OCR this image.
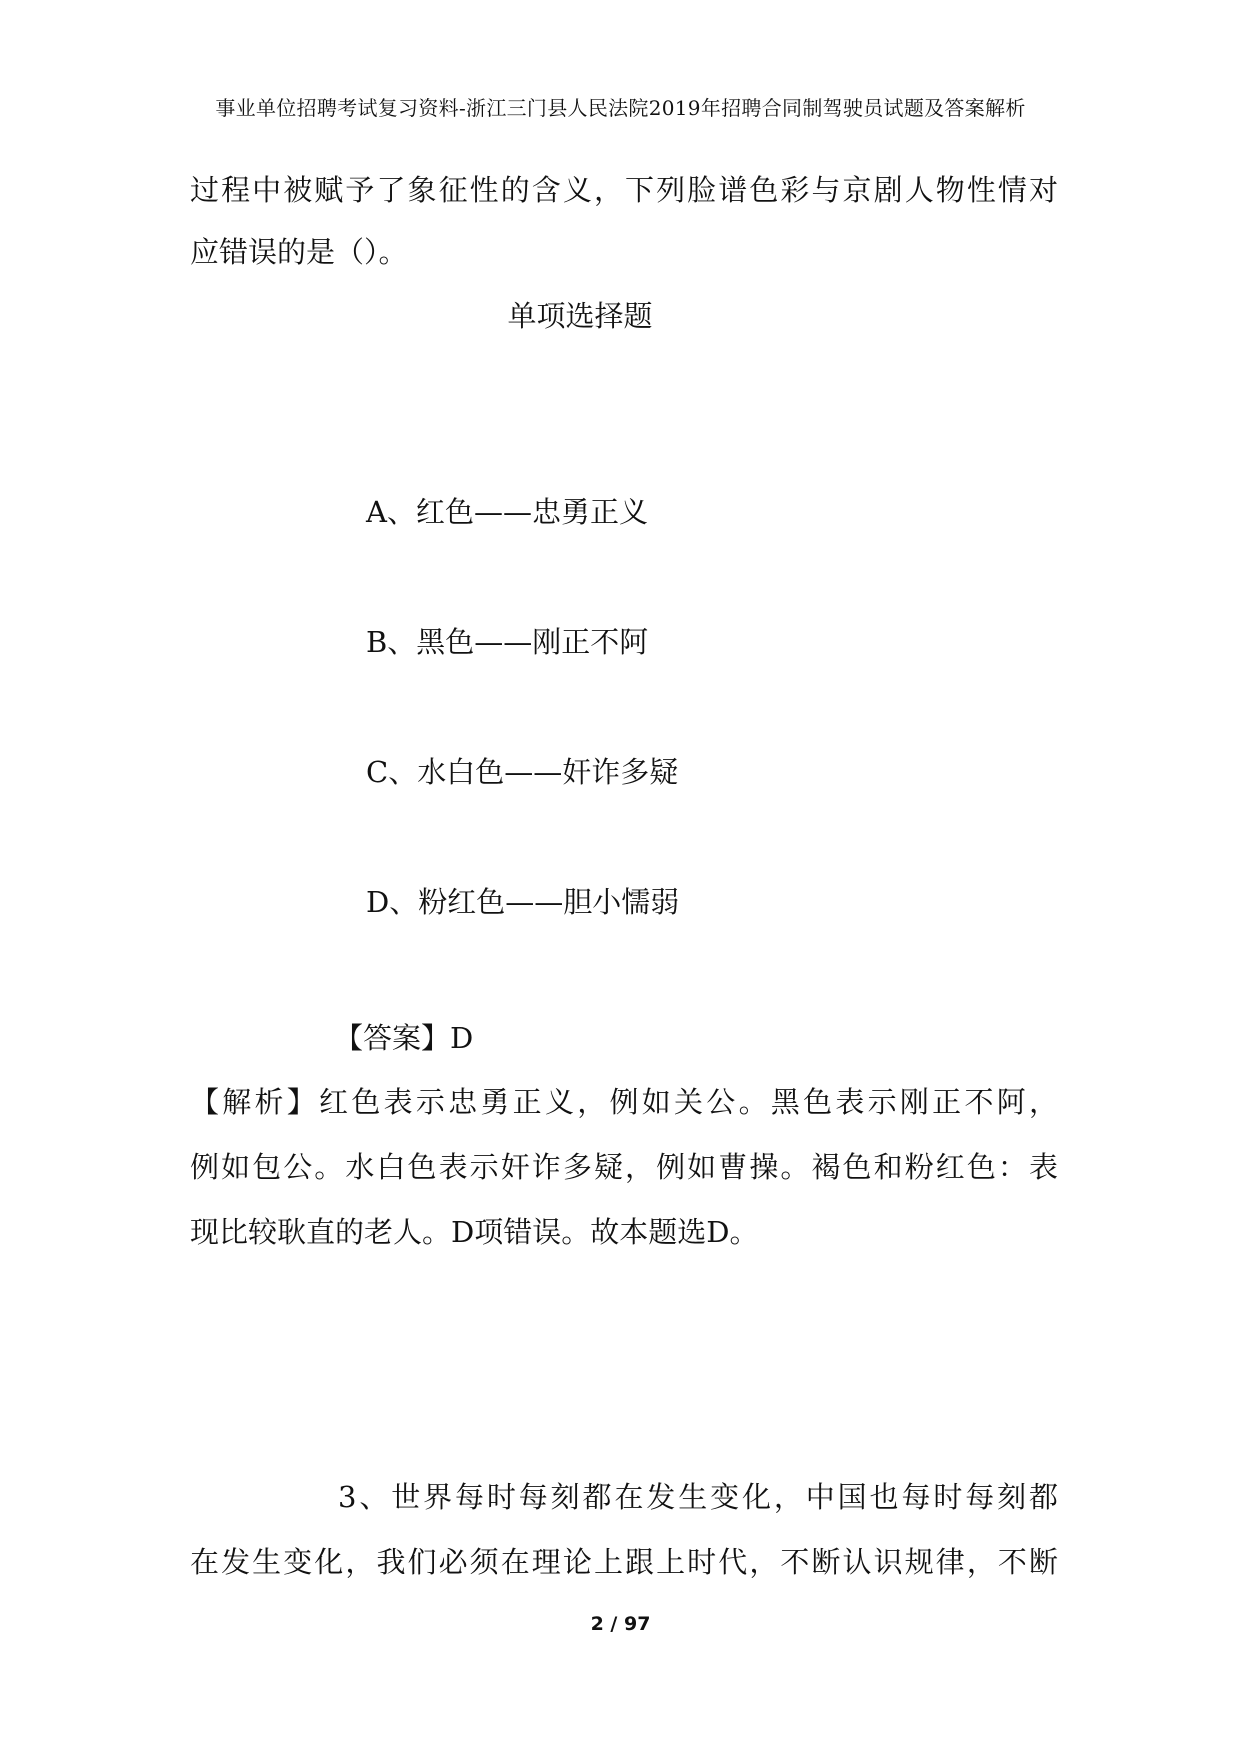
事业单位招聘考试复习资料-浙江三门县人民法院2019年招聘合同制驾驶员试题及答案解析
过程中被赋予了象征性的含义，下列脸谱色彩与京剧人物性情对
应错误的是（）。
单项选择题
A、红色——忠勇正义
B、黑色——刚正不阿
C、水白色——奸诈多疑
D、粉红色——胆小懦弱
【答案】D
【解析】红色表示忠勇正义，例如关公。黑色表示刚正不阿，
例如包公。水白色表示奸诈多疑，例如曹操。褐色和粉红色：表
现比较耿直的老人。D项错误。故本题选D。
3、世界每时每刻都在发生变化，中国也每时每刻都
在发生变化，我们必须在理论上跟上时代，不断认识规律，不断
2 / 97
